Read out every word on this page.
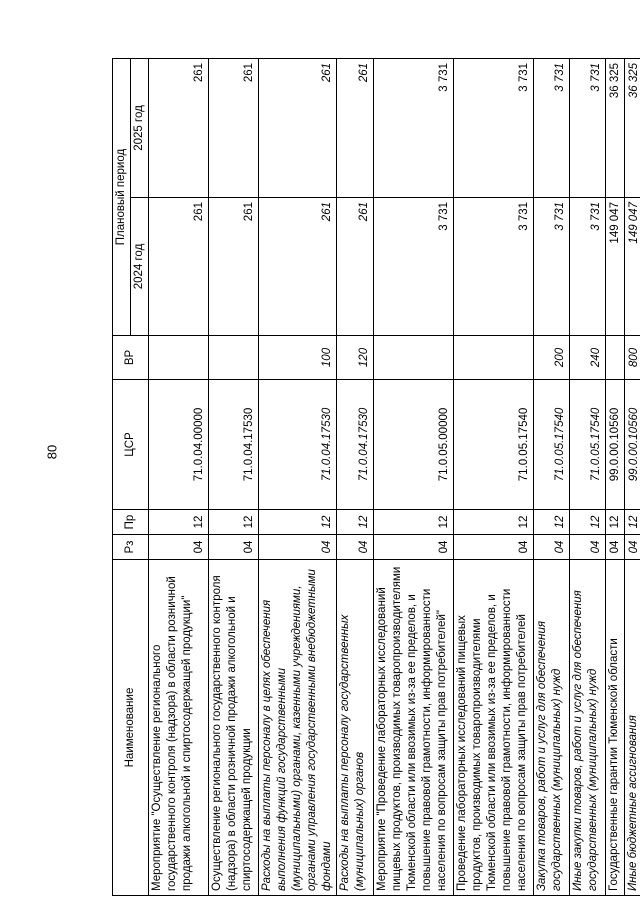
80
Наименование	Рз	Пр	ЦСР	ВР	Плановый период	
					2024 год	2025 год
Мероприятие "Осуществление регионального государственного контроля (надзора) в области розничной продажи алкогольной и спиртосодержащей продукции"	04	12	71.0.04.00000		261	261
Осуществление регионального государственного контроля (надзора) в области розничной продажи алкогольной и спиртосодержащей продукции	04	12	71.0.04.17530		261	261
Расходы на выплаты персоналу в целях обеспечения выполнения функций государственными (муниципальными) органами, казенными учреждениями, органами управления государственными внебюджетными фондами	04	12	71.0.04.17530	100	261	261
Расходы на выплаты персоналу государственных (муниципальных) органов	04	12	71.0.04.17530	120	261	261
Мероприятие "Проведение лабораторных исследований пищевых продуктов, производимых товаропроизводителями Тюменской области или ввозимых из-за ее пределов, и повышение правовой грамотности, информированности населения по вопросам защиты прав потребителей"	04	12	71.0.05.00000		3 731	3 731
Проведение лабораторных исследований пищевых продуктов, производимых товаропроизводителями Тюменской области или ввозимых из-за ее пределов, и повышение правовой грамотности, информированности населения по вопросам защиты прав потребителей	04	12	71.0.05.17540		3 731	3 731
Закупка товаров, работ и услуг для обеспечения государственных (муниципальных) нужд	04	12	71.0.05.17540	200	3 731	3 731
Иные закупки товаров, работ и услуг для обеспечения государственных (муниципальных) нужд	04	12	71.0.05.17540	240	3 731	3 731
Государственные гарантии Тюменской области	04	12	99.0.00.10560		149 047	36 325
Иные бюджетные ассигнования	04	12	99.0.00.10560	800	149 047	36 325
